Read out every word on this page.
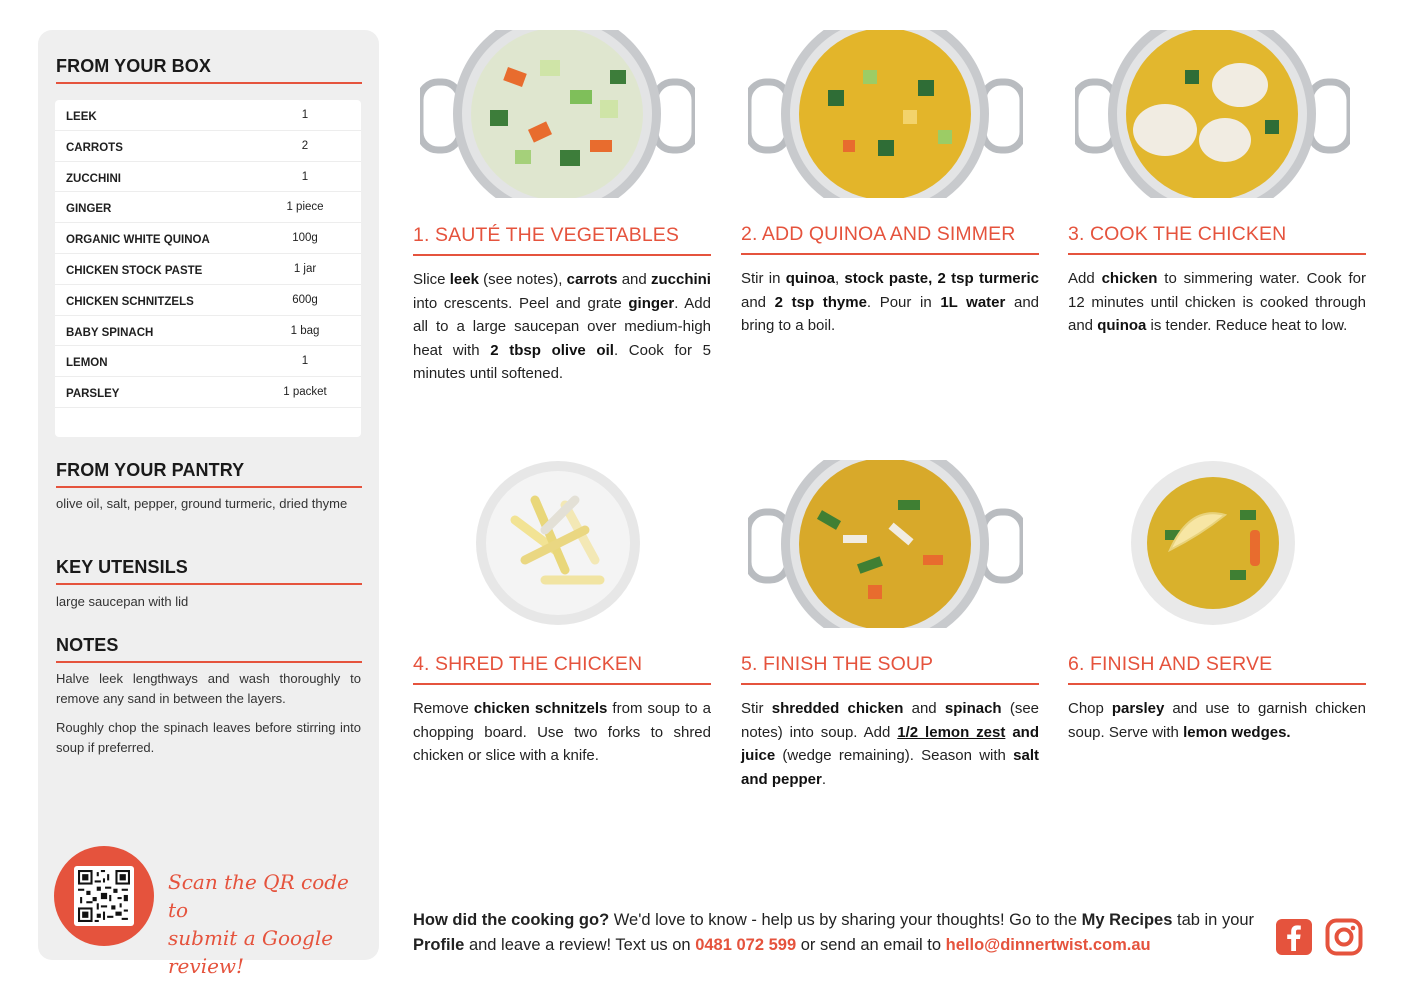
FROM YOUR BOX
LEEK	1
CARROTS	2
ZUCCHINI	1
GINGER	1 piece
ORGANIC WHITE QUINOA	100g
CHICKEN STOCK PASTE	1 jar
CHICKEN SCHNITZELS	600g
BABY SPINACH	1 bag
LEMON	1
PARSLEY	1 packet
FROM YOUR PANTRY
olive oil, salt, pepper, ground turmeric, dried thyme
KEY UTENSILS
large saucepan with lid
NOTES
Halve leek lengthways and wash thoroughly to remove any sand in between the layers.
Roughly chop the spinach leaves before stirring into soup if preferred.
Scan the QR code to
submit a Google review!
1. SAUTÉ THE VEGETABLES
Slice leek (see notes), carrots and zucchini into crescents. Peel and grate ginger. Add all to a large saucepan over medium-high heat with 2 tbsp olive oil. Cook for 5 minutes until softened.
2. ADD QUINOA AND SIMMER
Stir in quinoa, stock paste, 2 tsp turmeric and 2 tsp thyme. Pour in 1L water and bring to a boil.
3. COOK THE CHICKEN
Add chicken to simmering water. Cook for 12 minutes until chicken is cooked through and quinoa is tender. Reduce heat to low.
4. SHRED THE CHICKEN
Remove chicken schnitzels from soup to a chopping board. Use two forks to shred chicken or slice with a knife.
5. FINISH THE SOUP
Stir shredded chicken and spinach (see notes) into soup. Add 1/2 lemon zest and juice (wedge remaining). Season with salt and pepper.
6. FINISH AND SERVE
Chop parsley and use to garnish chicken soup. Serve with lemon wedges.
How did the cooking go? We'd love to know - help us by sharing your thoughts! Go to the My Recipes tab in your Profile and leave a review! Text us on 0481 072 599 or send an email to hello@dinnertwist.com.au
